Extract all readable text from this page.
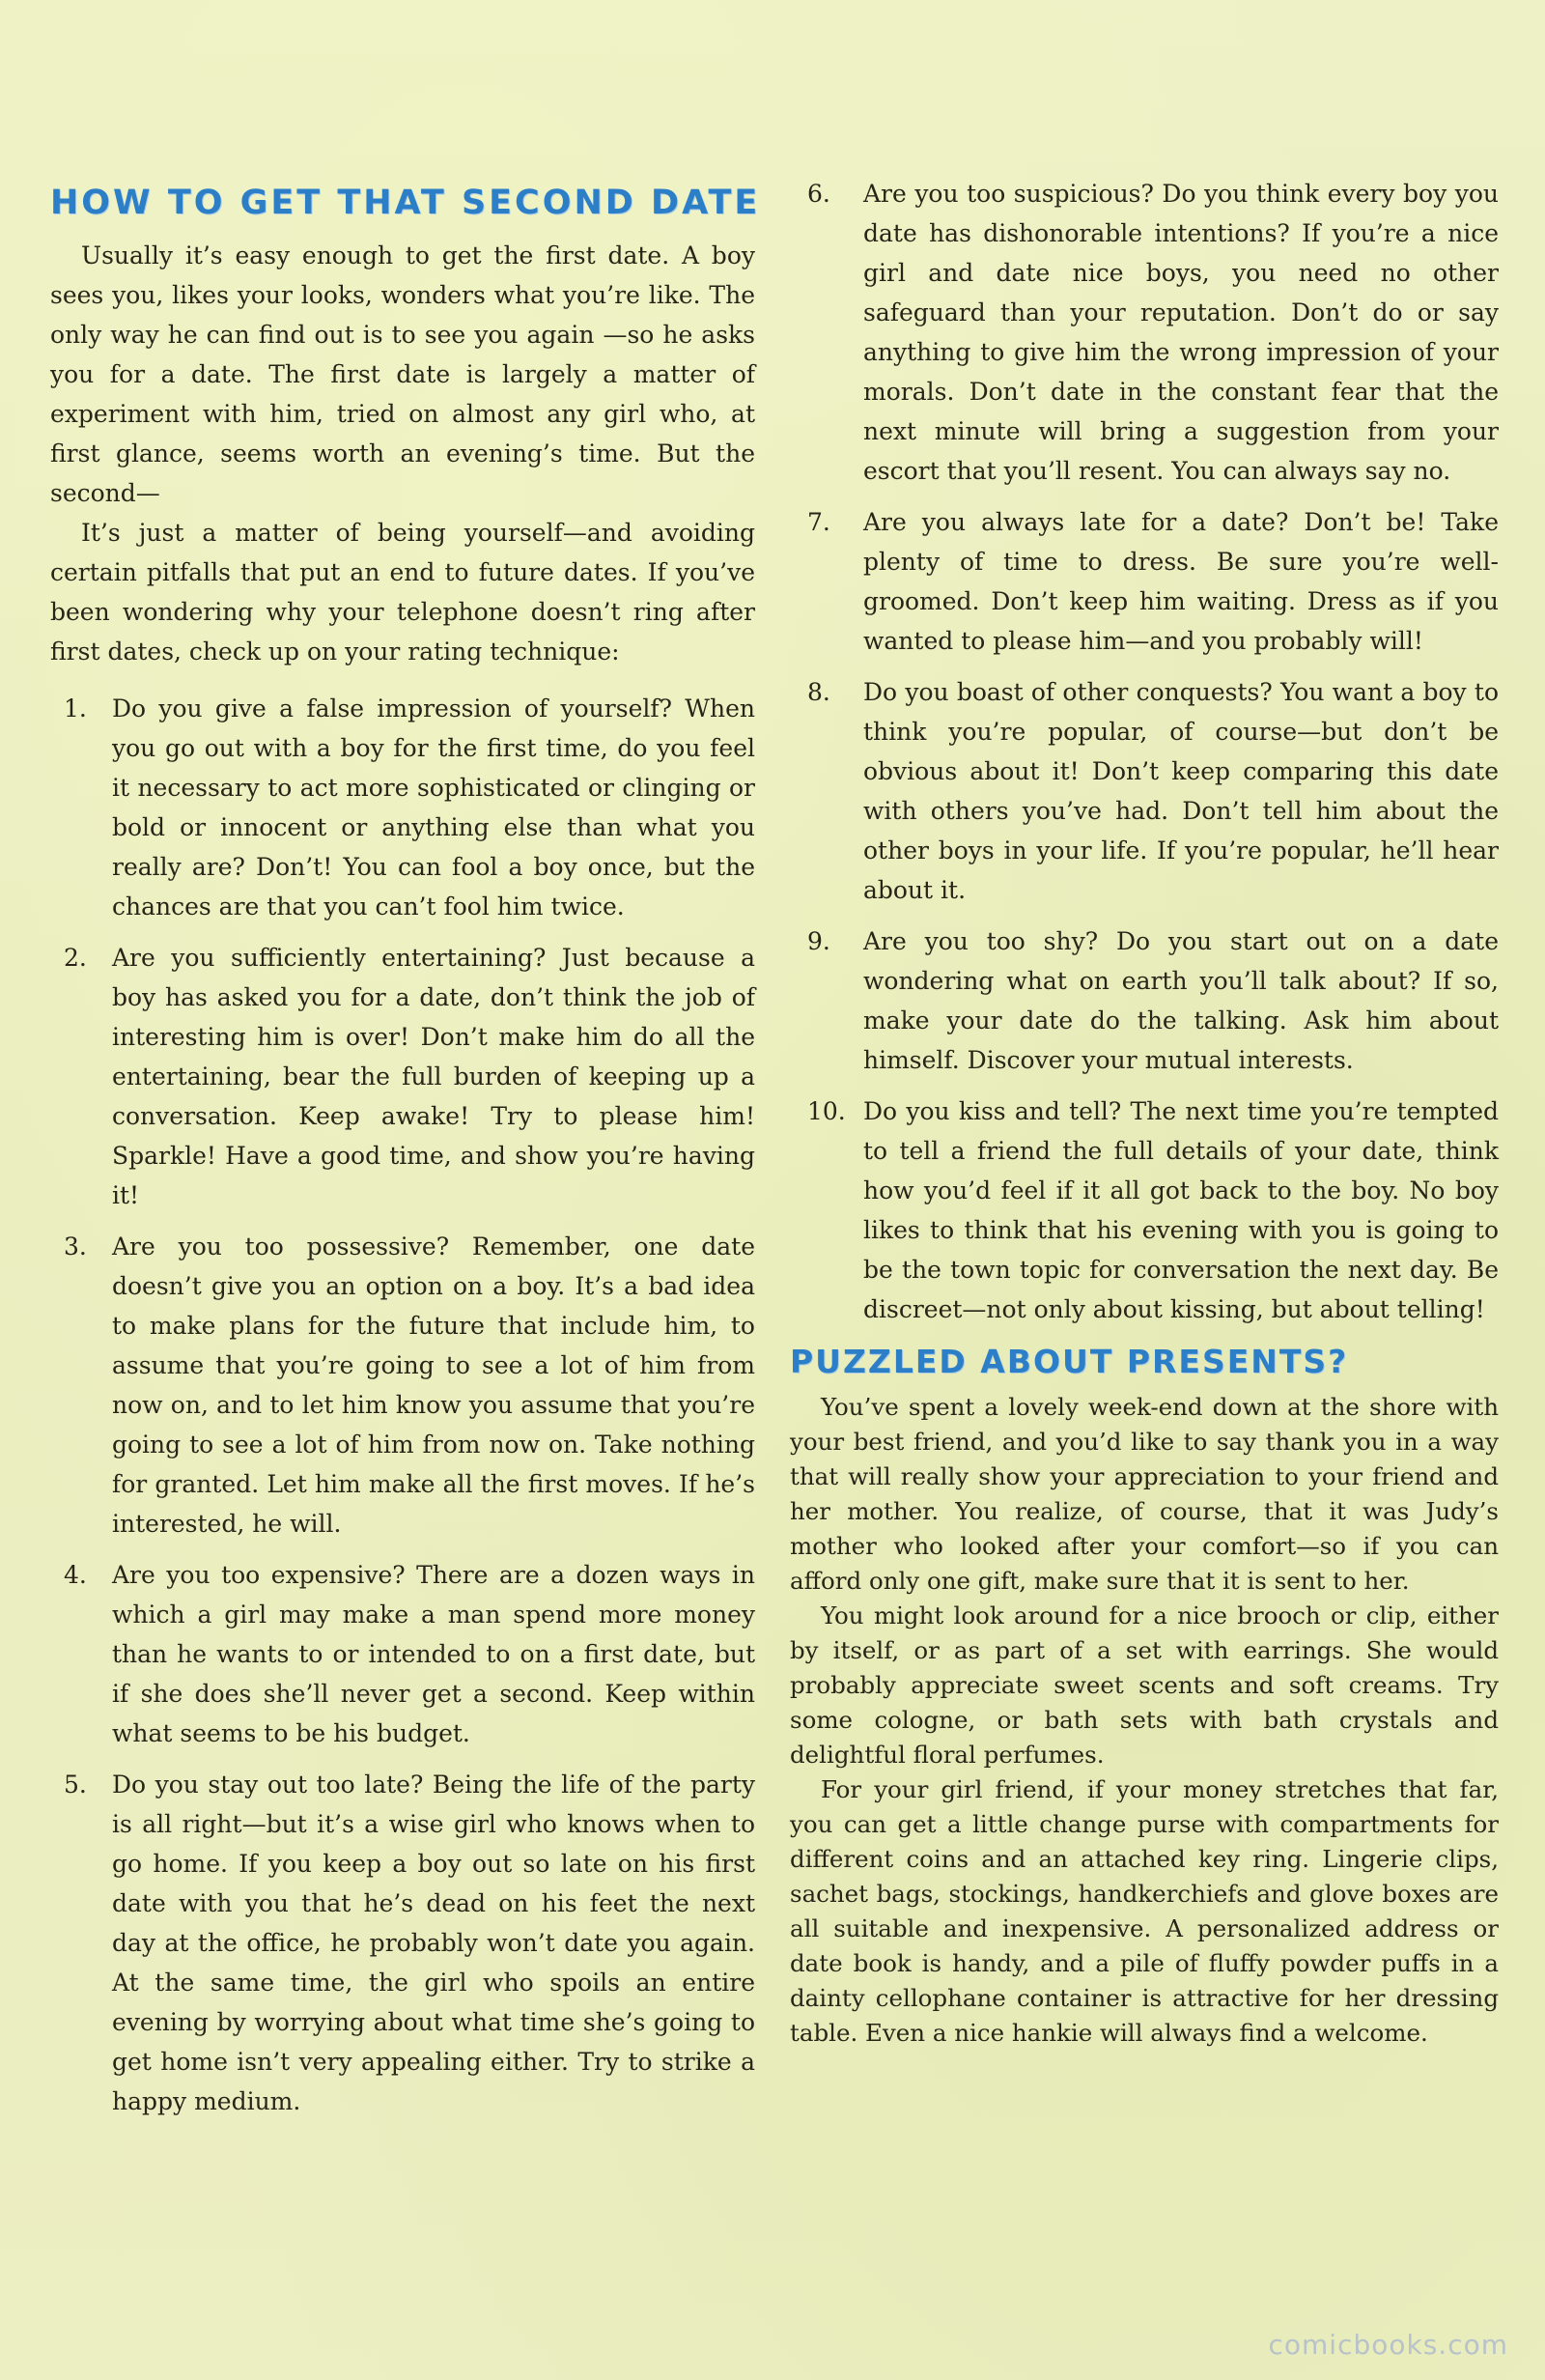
HOW TO GET THAT SECOND DATE

Usually it’s easy enough to get the first date. A boy sees you, likes your looks, wonders what you’re like. The only way he can find out is to see you again —so he asks you for a date. The first date is largely a matter of experiment with him, tried on almost any girl who, at first glance, seems worth an evening’s time. But the second—

It’s just a matter of being yourself—and avoiding certain pitfalls that put an end to future dates. If you’ve been wondering why your telephone doesn’t ring after first dates, check up on your rating technique:

1.	Do you give a false impression of yourself? When you go out with a boy for the first time, do you feel it necessary to act more sophisticated or clinging or bold or innocent or anything else than what you really are? Don’t! You can fool a boy once, but the chances are that you can’t fool him twice.
2.	Are you sufficiently entertaining? Just because a boy has asked you for a date, don’t think the job of interesting him is over! Don’t make him do all the entertaining, bear the full burden of keeping up a conversation. Keep awake! Try to please him! Sparkle! Have a good time, and show you’re having it!
3.	Are you too possessive? Remember, one date doesn’t give you an option on a boy. It’s a bad idea to make plans for the future that include him, to assume that you’re going to see a lot of him from now on, and to let him know you assume that you’re going to see a lot of him from now on. Take nothing for granted. Let him make all the first moves. If he’s interested, he will.
4.	Are you too expensive? There are a dozen ways in which a girl may make a man spend more money than he wants to or intended to on a first date, but if she does she’ll never get a second. Keep within what seems to be his budget.
5.	Do you stay out too late? Being the life of the party is all right—but it’s a wise girl who knows when to go home. If you keep a boy out so late on his first date with you that he’s dead on his feet the next day at the office, he probably won’t date you again. At the same time, the girl who spoils an entire evening by worrying about what time she’s going to get home isn’t very appealing either. Try to strike a happy medium.
6.	Are you too suspicious? Do you think every boy you date has dishonorable intentions? If you’re a nice girl and date nice boys, you need no other safeguard than your reputation. Don’t do or say anything to give him the wrong impression of your morals. Don’t date in the constant fear that the next minute will bring a suggestion from your escort that you’ll resent. You can always say no.
7.	Are you always late for a date? Don’t be! Take plenty of time to dress. Be sure you’re well-groomed. Don’t keep him waiting. Dress as if you wanted to please him—and you probably will!
8.	Do you boast of other conquests? You want a boy to think you’re popular, of course—but don’t be obvious about it! Don’t keep comparing this date with others you’ve had. Don’t tell him about the other boys in your life. If you’re popular, he’ll hear about it.
9.	Are you too shy? Do you start out on a date wondering what on earth you’ll talk about? If so, make your date do the talking. Ask him about himself. Discover your mutual interests.
10. Do you kiss and tell? The next time you’re tempted to tell a friend the full details of your date, think how you’d feel if it all got back to the boy. No boy likes to think that his evening with you is going to be the town topic for conversation the next day. Be discreet—not only about kissing, but about telling!
PUZZLED ABOUT PRESENTS?

You’ve spent a lovely week-end down at the shore with your best friend, and you’d like to say thank you in a way that will really show your appreciation to your friend and her mother. You realize, of course, that it was Judy’s mother who looked after your comfort—so if you can afford only one gift, make sure that it is sent to her.

You might look around for a nice brooch or clip, either by itself, or as part of a set with earrings. She would probably appreciate sweet scents and soft creams. Try some cologne, or bath sets with bath crystals and delightful floral perfumes.

For your girl friend, if your money stretches that far, you can get a little change purse with compartments for different coins and an attached key ring. Lingerie clips, sachet bags, stockings, handkerchiefs and glove boxes are all suitable and inexpensive. A personalized address or date book is handy, and a pile of fluffy powder puffs in a dainty cellophane container is attractive for her dressing table. Even a nice hankie will always find a welcome.

comicbooks.com
